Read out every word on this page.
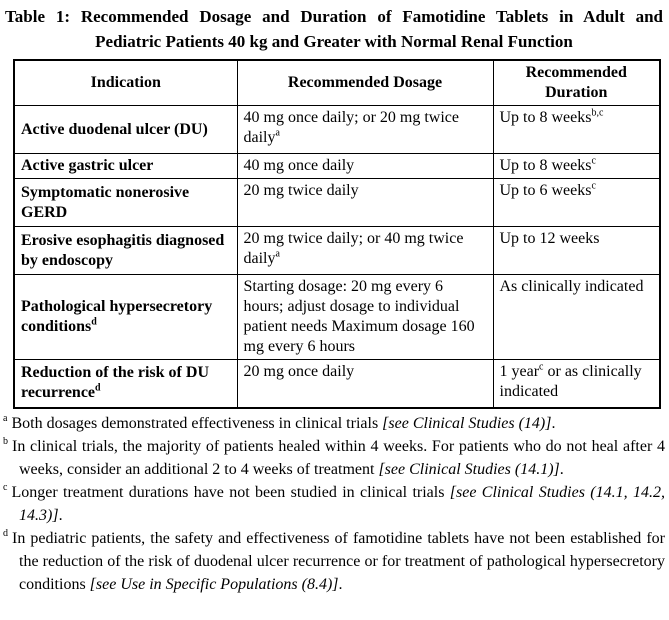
Table 1: Recommended Dosage and Duration of Famotidine Tablets in Adult and
Pediatric Patients 40 kg and Greater with Normal Renal Function
Indication	Recommended Dosage	Recommended Duration
Active duodenal ulcer (DU)	40 mg once daily; or 20 mg twice daily$^a$	Up to 8 weeks$^{b,c}$
Active gastric ulcer	40 mg once daily	Up to 8 weeks$^c$
Symptomatic nonerosive GERD	20 mg twice daily	Up to 6 weeks$^c$
Erosive esophagitis diagnosed by endoscopy	20 mg twice daily; or 40 mg twice daily$^a$	Up to 12 weeks
Pathological hypersecretory conditions$^d$	Starting dosage: 20 mg every 6 hours; adjust dosage to individual patient needs Maximum dosage 160 mg every 6 hours	As clinically indicated
Reduction of the risk of DU recurrence$^d$	20 mg once daily	1 year$^c$ or as clinically indicated
$^a$ Both dosages demonstrated effectiveness in clinical trials [see Clinical Studies (14)].
$^b$ In clinical trials, the majority of patients healed within 4 weeks. For patients who do not heal after 4 weeks, consider an additional 2 to 4 weeks of treatment [see Clinical Studies (14.1)].
$^c$ Longer treatment durations have not been studied in clinical trials [see Clinical Studies (14.1, 14.2, 14.3)].
$^d$ In pediatric patients, the safety and effectiveness of famotidine tablets have not been established for the reduction of the risk of duodenal ulcer recurrence or for treatment of pathological hypersecretory conditions [see Use in Specific Populations (8.4)].
